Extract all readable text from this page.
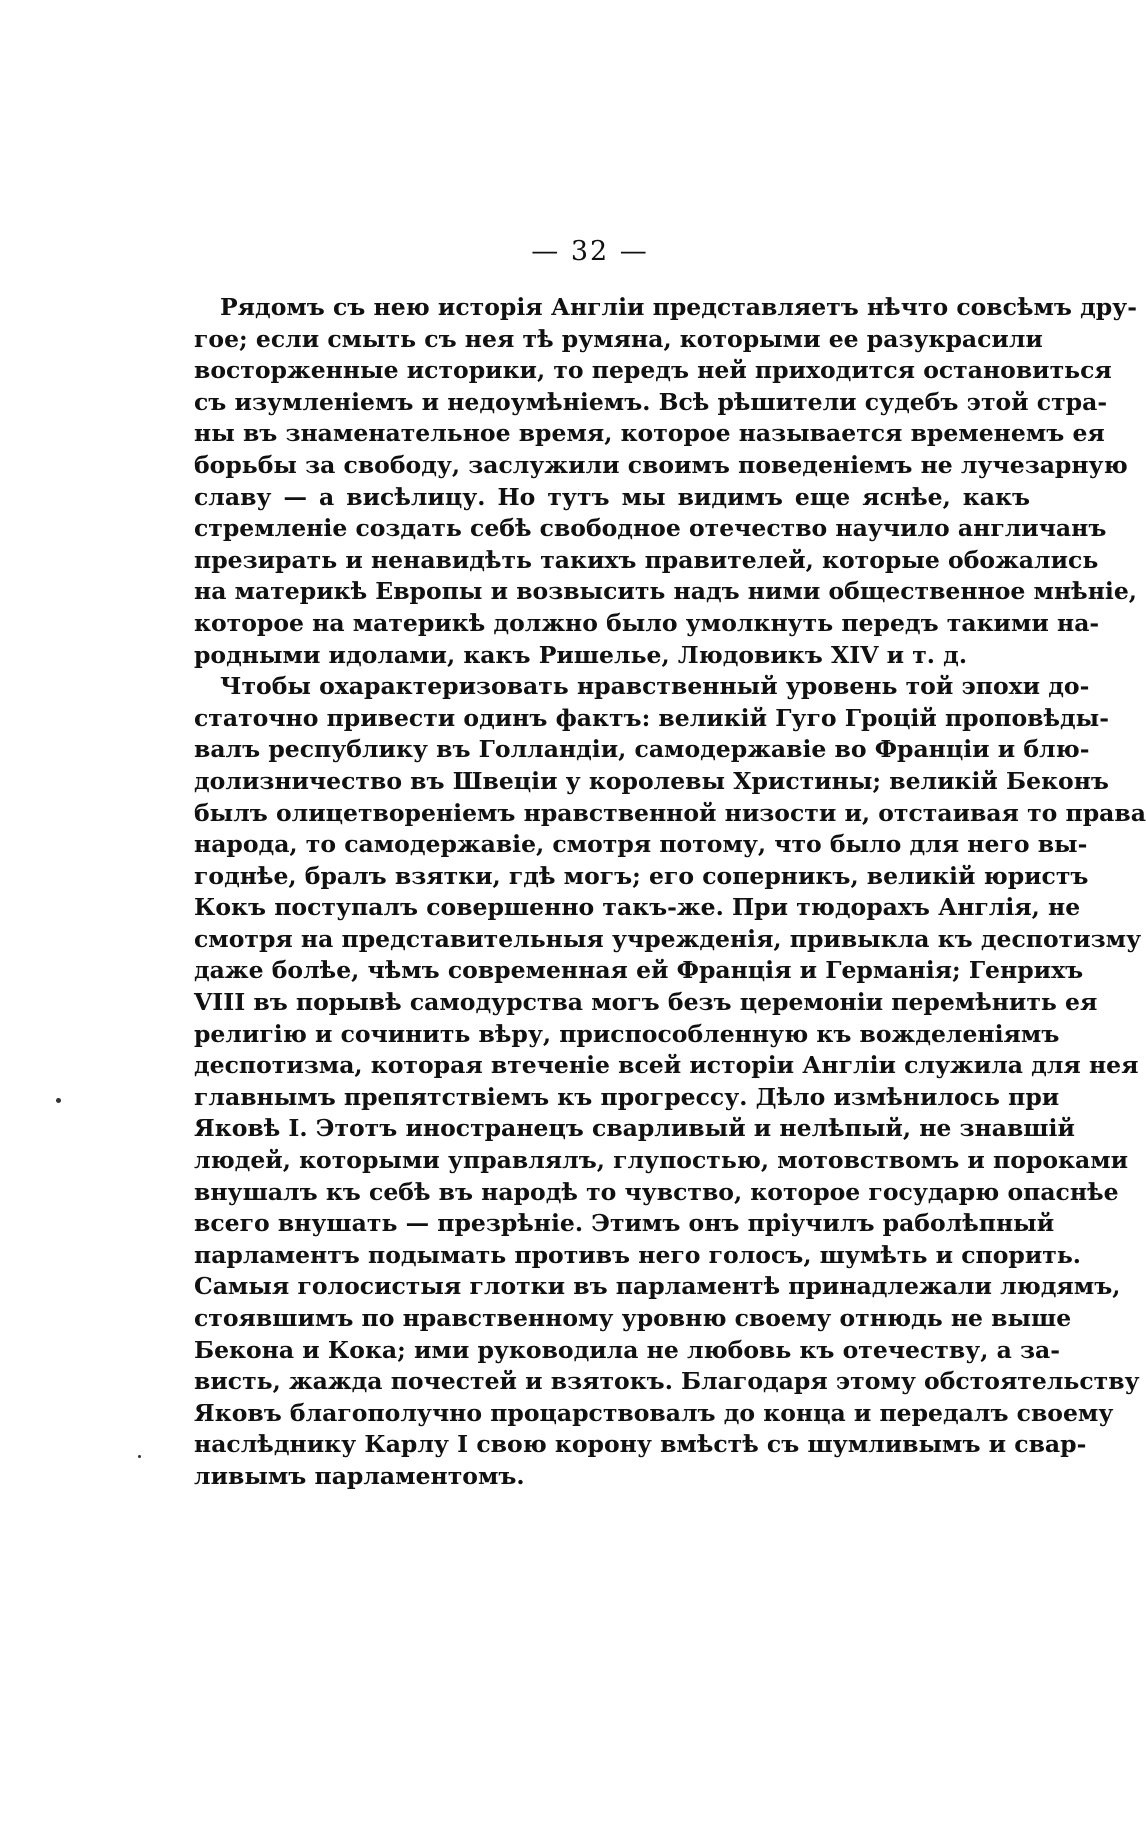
— 32 —
Рядомъ съ нею исторія Англіи представляетъ нѣчто совсѣмъ дру-
гое; если смыть съ нея тѣ румяна, которыми ее разукрасили
восторженные историки, то передъ ней приходится остановиться
съ изумленіемъ и недоумѣніемъ. Всѣ рѣшители судебъ этой стра-
ны въ знаменательное время, которое называется временемъ ея
борьбы за свободу, заслужили своимъ поведеніемъ не лучезарную
славу — а висѣлицу. Но тутъ мы видимъ еще яснѣе, какъ
стремленіе создать себѣ свободное отечество научило англичанъ
презирать и ненавидѣть такихъ правителей, которые обожались
на материкѣ Европы и возвысить надъ ними общественное мнѣніе,
которое на материкѣ должно было умолкнуть передъ такими на-
родными идолами, какъ Ришелье, Людовикъ XIV и т. д.
Чтобы охарактеризовать нравственный уровень той эпохи до-
статочно привести одинъ фактъ: великій Гуго Гроцій проповѣды-
валъ республику въ Голландіи, самодержавіе во Франціи и блю-
долизничество въ Швеціи у королевы Христины; великій Беконъ
былъ олицетвореніемъ нравственной низости и, отстаивая то права
народа, то самодержавіе, смотря потому, что было для него вы-
годнѣе, бралъ взятки, гдѣ могъ; его соперникъ, великій юристъ
Кокъ поступалъ совершенно такъ-же. При тюдорахъ Англія, не
смотря на представительныя учрежденія, привыкла къ деспотизму
даже болѣе, чѣмъ современная ей Франція и Германія; Генрихъ
VIII въ порывѣ самодурства могъ безъ церемоніи перемѣнить ея
религію и сочинить вѣру, приспособленную къ вожделеніямъ
деспотизма, которая втеченіе всей исторіи Англіи служила для нея
главнымъ препятствіемъ къ прогрессу. Дѣло измѣнилось при
Яковѣ I. Этотъ иностранецъ сварливый и нелѣпый, не знавшій
людей, которыми управлялъ, глупостью, мотовствомъ и пороками
внушалъ къ себѣ въ народѣ то чувство, которое государю опаснѣе
всего внушать — презрѣніе. Этимъ онъ пріучилъ раболѣпный
парламентъ подымать противъ него голосъ, шумѣть и спорить.
Самыя голосистыя глотки въ парламентѣ принадлежали людямъ,
стоявшимъ по нравственному уровню своему отнюдь не выше
Бекона и Кока; ими руководила не любовь къ отечеству, а за-
висть, жажда почестей и взятокъ. Благодаря этому обстоятельству
Яковъ благополучно процарствовалъ до конца и передалъ своему
наслѣднику Карлу I свою корону вмѣстѣ съ шумливымъ и свар-
ливымъ парламентомъ.
